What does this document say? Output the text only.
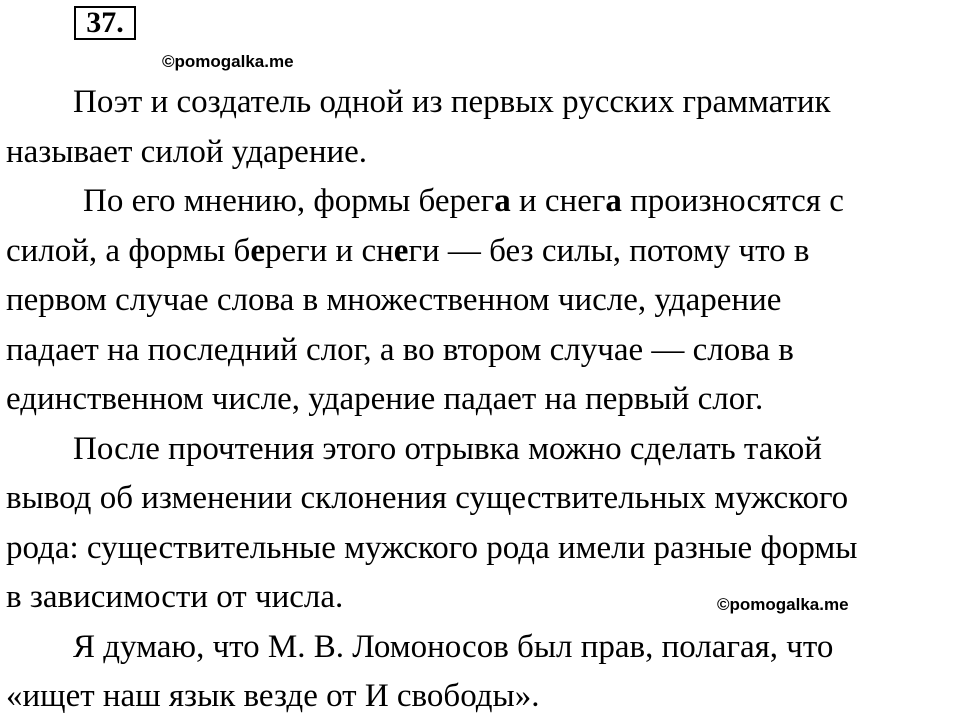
37.
©pomogalka.me
Поэт и создатель одной из первых русских грамматик
называет силой ударение.
По его мнению, формы берега и снега произносятся с
силой, а формы береги и снеги — без силы, потому что в
первом случае слова в множественном числе, ударение
падает на последний слог, а во втором случае — слова в
единственном числе, ударение падает на первый слог.
После прочтения этого отрывка можно сделать такой
вывод об изменении склонения существительных мужского
рода: существительные мужского рода имели разные формы
в зависимости от числа.
Я думаю, что М. В. Ломоносов был прав, полагая, что
«ищет наш язык везде от И свободы».
©pomogalka.me
